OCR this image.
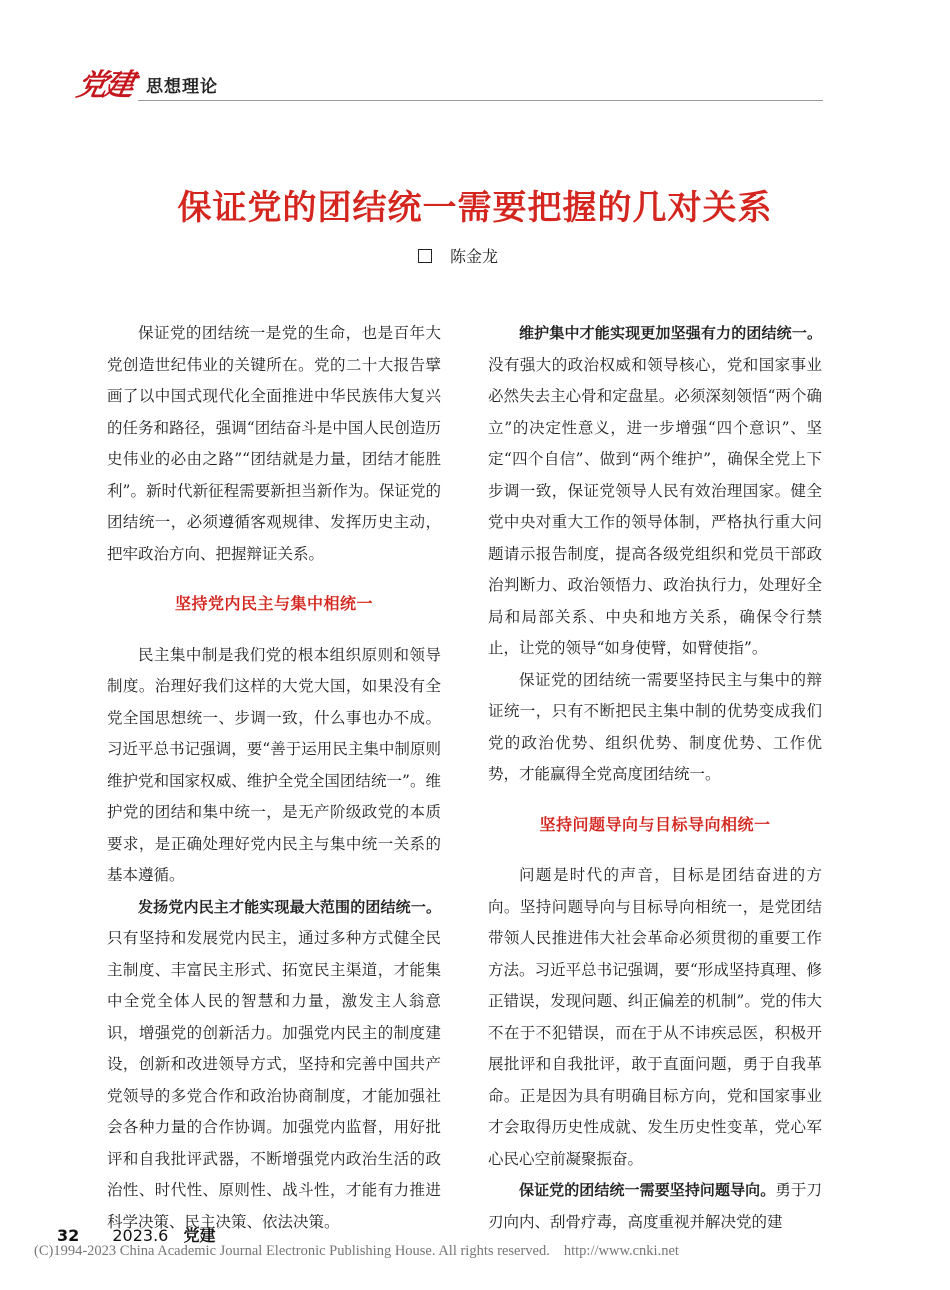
党建 思想理论
保证党的团结统一需要把握的几对关系
陈金龙

保证党的团结统一是党的生命，也是百年大党创造世纪伟业的关键所在。党的二十大报告擘画了以中国式现代化全面推进中华民族伟大复兴的任务和路径，强调“团结奋斗是中国人民创造历史伟业的必由之路”“团结就是力量，团结才能胜利”。新时代新征程需要新担当新作为。保证党的团结统一，必须遵循客观规律、发挥历史主动，把牢政治方向、把握辩证关系。

坚持党内民主与集中相统一

民主集中制是我们党的根本组织原则和领导制度。治理好我们这样的大党大国，如果没有全党全国思想统一、步调一致，什么事也办不成。习近平总书记强调，要“善于运用民主集中制原则维护党和国家权威、维护全党全国团结统一”。维护党的团结和集中统一，是无产阶级政党的本质要求，是正确处理好党内民主与集中统一关系的基本遵循。

发扬党内民主才能实现最大范围的团结统一。只有坚持和发展党内民主，通过多种方式健全民主制度、丰富民主形式、拓宽民主渠道，才能集中全党全体人民的智慧和力量，激发主人翁意识，增强党的创新活力。加强党内民主的制度建设，创新和改进领导方式，坚持和完善中国共产党领导的多党合作和政治协商制度，才能加强社会各种力量的合作协调。加强党内监督，用好批评和自我批评武器，不断增强党内政治生活的政治性、时代性、原则性、战斗性，才能有力推进科学决策、民主决策、依法决策。

维护集中才能实现更加坚强有力的团结统一。没有强大的政治权威和领导核心，党和国家事业必然失去主心骨和定盘星。必须深刻领悟“两个确立”的决定性意义，进一步增强“四个意识”、坚定“四个自信”、做到“两个维护”，确保全党上下步调一致，保证党领导人民有效治理国家。健全党中央对重大工作的领导体制，严格执行重大问题请示报告制度，提高各级党组织和党员干部政治判断力、政治领悟力、政治执行力，处理好全局和局部关系、中央和地方关系，确保令行禁止，让党的领导“如身使臂，如臂使指”。

保证党的团结统一需要坚持民主与集中的辩证统一，只有不断把民主集中制的优势变成我们党的政治优势、组织优势、制度优势、工作优势，才能赢得全党高度团结统一。

坚持问题导向与目标导向相统一

问题是时代的声音，目标是团结奋进的方向。坚持问题导向与目标导向相统一，是党团结带领人民推进伟大社会革命必须贯彻的重要工作方法。习近平总书记强调，要“形成坚持真理、修正错误，发现问题、纠正偏差的机制”。党的伟大不在于不犯错误，而在于从不讳疾忌医，积极开展批评和自我批评，敢于直面问题，勇于自我革命。正是因为具有明确目标方向，党和国家事业才会取得历史性成就、发生历史性变革，党心军心民心空前凝聚振奋。

保证党的团结统一需要坚持问题导向。勇于刀刃向内、刮骨疗毒，高度重视并解决党的建

32 2023.6 党建
(C)1994-2023 China Academic Journal Electronic Publishing House. All rights reserved. http://www.cnki.net
